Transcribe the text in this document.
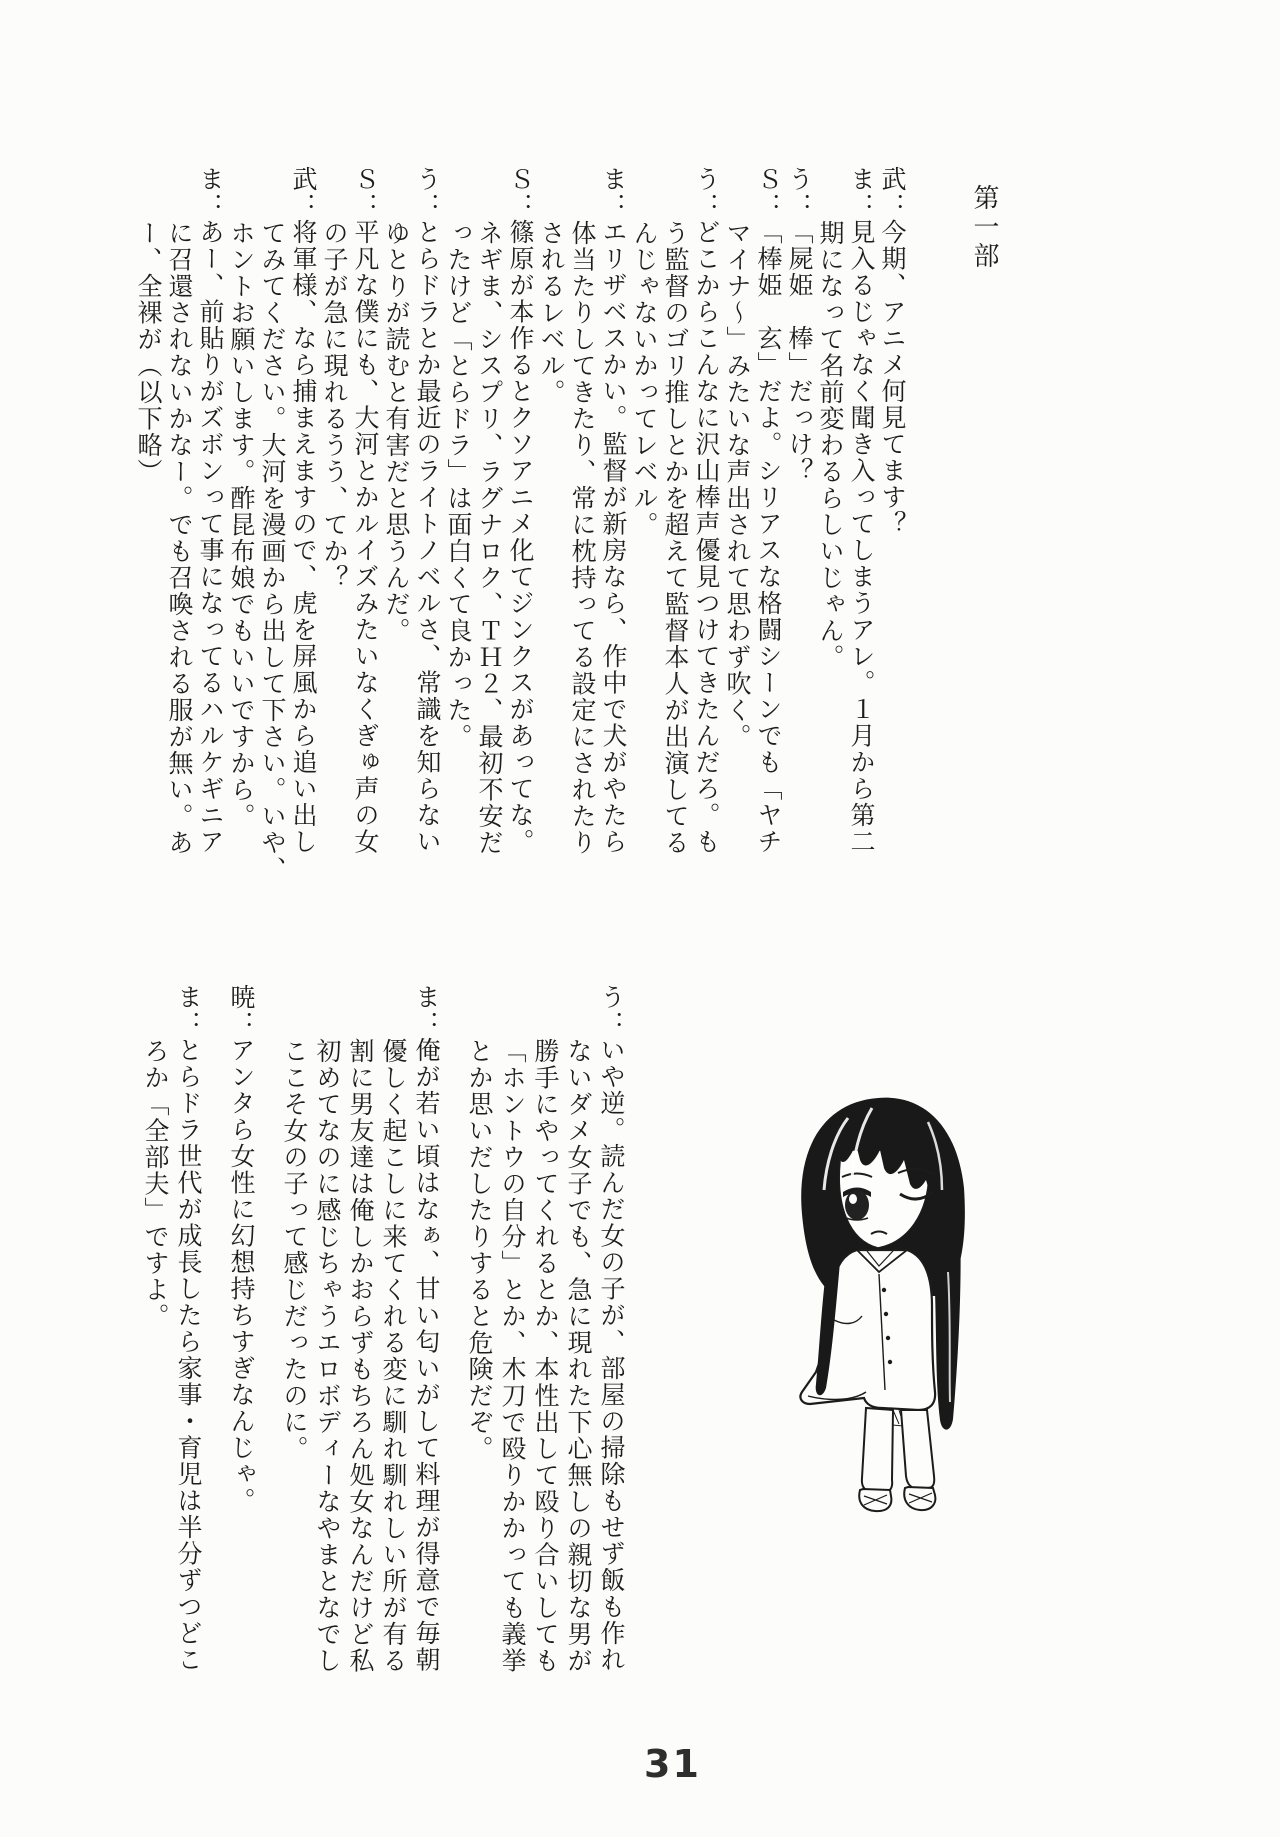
第一部

武：今期、アニメ何見てます？

ま：見入るじゃなく聞き入ってしまうアレ。１月から第二

期になって名前変わるらしいじゃん。

う：「屍姫　棒」だっけ？

Ｓ：「棒姫　玄」だよ。シリアスな格闘シーンでも「ヤチ

マイナ～」みたいな声出されて思わず吹く。

う：どこからこんなに沢山棒声優見つけてきたんだろ。も

う監督のゴリ推しとかを超えて監督本人が出演してる

んじゃないかってレベル。

ま：エリザベスかい。監督が新房なら、作中で犬がやたら

体当たりしてきたり、常に枕持ってる設定にされたり

されるレベル。

Ｓ：篠原が本作るとクソアニメ化てジンクスがあってな。

ネギま、シスプリ、ラグナロク、ＴＨ２、最初不安だ

ったけど「とらドラ」は面白くて良かった。

う：とらドラとか最近のライトノベルさ、常識を知らない

ゆとりが読むと有害だと思うんだ。

Ｓ：平凡な僕にも、大河とかルイズみたいなくぎゅ声の女

の子が急に現れるうう、てか？

武：将軍様、なら捕まえますので、虎を屏風から追い出し

てみてください。大河を漫画から出して下さい。いや、

ホントお願いします。酢昆布娘でもいいですから。

ま：あー、前貼りがズボンって事になってるハルケギニア

に召還されないかなー。でも召喚される服が無い。あ

ー、全裸が（以下略）

う：いや逆。読んだ女の子が、部屋の掃除もせず飯も作れ

ないダメ女子でも、急に現れた下心無しの親切な男が

勝手にやってくれるとか、本性出して殴り合いしても

「ホントウの自分」とか、木刀で殴りかかっても義挙

とか思いだしたりすると危険だぞ。

ま：俺が若い頃はなぁ、甘い匂いがして料理が得意で毎朝

優しく起こしに来てくれる変に馴れ馴れしい所が有る

割に男友達は俺しかおらずもちろん処女なんだけど私

初めてなのに感じちゃうエロボディーなやまとなでし

ここそ女の子って感じだったのに。

暁：アンタら女性に幻想持ちすぎなんじゃ。

ま：とらドラ世代が成長したら家事・育児は半分ずつどこ

ろか「全部夫」ですよ。

31
